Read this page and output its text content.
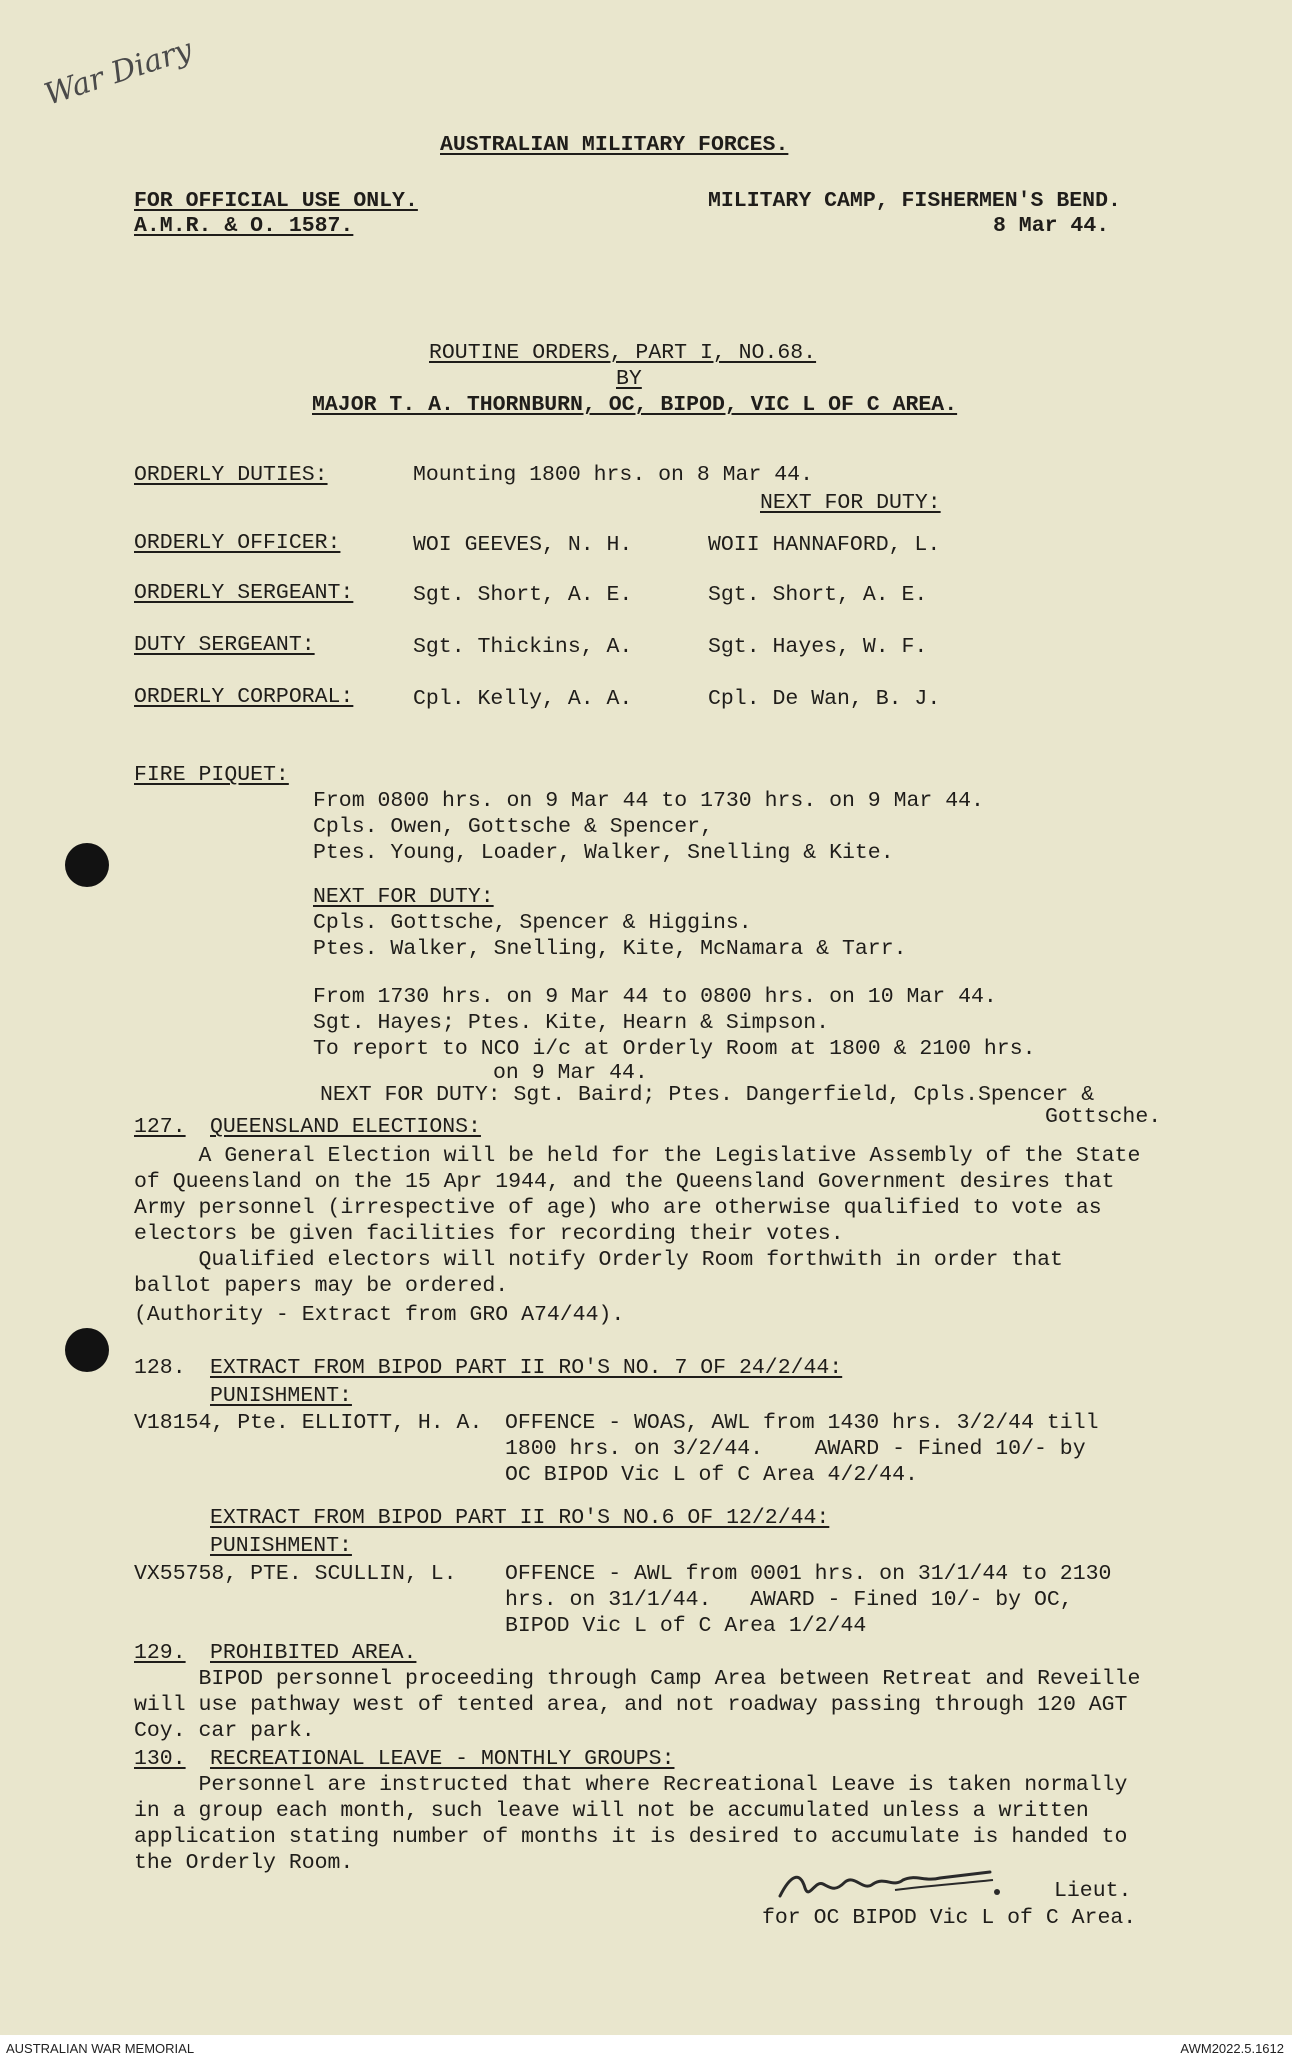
War Diary
AUSTRALIAN MILITARY FORCES.
FOR OFFICIAL USE ONLY.
A.M.R. & O. 1587.
MILITARY CAMP, FISHERMEN'S BEND.
8 Mar 44.
ROUTINE ORDERS, PART I, NO.68.
BY
MAJOR T. A. THORNBURN, OC, BIPOD, VIC L OF C AREA.
ORDERLY DUTIES:	Mounting 1800 hrs. on 8 Mar 44.
NEXT FOR DUTY:
ORDERLY OFFICER:	WOI GEEVES, N. H.	WOII HANNAFORD, L.
ORDERLY SERGEANT:	Sgt. Short, A. E.	Sgt. Short, A. E.
DUTY SERGEANT:	Sgt. Thickins, A.	Sgt. Hayes, W. F.
ORDERLY CORPORAL:	Cpl. Kelly, A. A.	Cpl. De Wan, B. J.
FIRE PIQUET:
From 0800 hrs. on 9 Mar 44 to 1730 hrs. on 9 Mar 44.
Cpls. Owen, Gottsche & Spencer,
Ptes. Young, Loader, Walker, Snelling & Kite.
NEXT FOR DUTY:
Cpls. Gottsche, Spencer & Higgins.
Ptes. Walker, Snelling, Kite, McNamara & Tarr.
From 1730 hrs. on 9 Mar 44 to 0800 hrs. on 10 Mar 44.
Sgt. Hayes; Ptes. Kite, Hearn & Simpson.
To report to NCO i/c at Orderly Room at 1800 & 2100 hrs.
on 9 Mar 44.
NEXT FOR DUTY: Sgt. Baird; Ptes. Dangerfield, Cpls.Spencer &
Gottsche.
127. QUEENSLAND ELECTIONS:
A General Election will be held for the Legislative Assembly of the State
of Queensland on the 15 Apr 1944, and the Queensland Government desires that
Army personnel (irrespective of age) who are otherwise qualified to vote as
electors be given facilities for recording their votes.
Qualified electors will notify Orderly Room forthwith in order that
ballot papers may be ordered.
(Authority - Extract from GRO A74/44).
128. EXTRACT FROM BIPOD PART II RO'S NO. 7 OF 24/2/44:
PUNISHMENT:
V18154, Pte. ELLIOTT, H. A. OFFENCE - WOAS, AWL from 1430 hrs. 3/2/44 till
1800 hrs. on 3/2/44.    AWARD - Fined 10/- by
OC BIPOD Vic L of C Area 4/2/44.
EXTRACT FROM BIPOD PART II RO'S NO.6 OF 12/2/44:
PUNISHMENT:
VX55758, PTE. SCULLIN, L. OFFENCE - AWL from 0001 hrs. on 31/1/44 to 2130
hrs. on 31/1/44.   AWARD - Fined 10/- by OC,
BIPOD Vic L of C Area 1/2/44
129. PROHIBITED AREA.
BIPOD personnel proceeding through Camp Area between Retreat and Reveille
will use pathway west of tented area, and not roadway passing through 120 AGT
Coy. car park.
130. RECREATIONAL LEAVE - MONTHLY GROUPS:
Personnel are instructed that where Recreational Leave is taken normally
in a group each month, such leave will not be accumulated unless a written
application stating number of months it is desired to accumulate is handed to
the Orderly Room.
Lieut.
for OC BIPOD Vic L of C Area.
AUSTRALIAN WAR MEMORIAL	AWM2022.5.1612
